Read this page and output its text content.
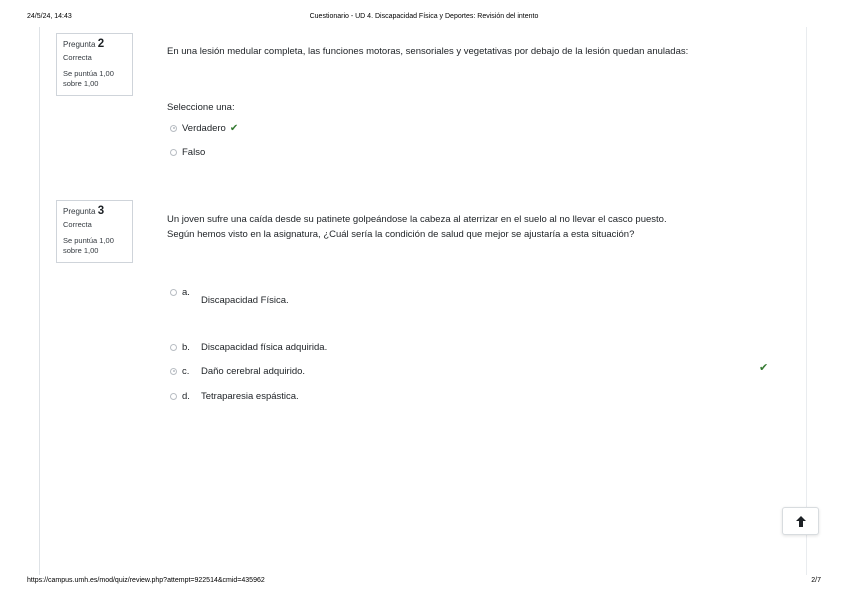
24/5/24, 14:43	Cuestionario - UD 4. Discapacidad Física y Deportes: Revisión del intento
Pregunta 2
Correcta
Se puntúa 1,00
sobre 1,00
En una lesión medular completa, las funciones motoras, sensoriales y vegetativas por debajo de la lesión quedan anuladas:
Seleccione una:
Verdadero ✔
Falso
Pregunta 3
Correcta
Se puntúa 1,00
sobre 1,00
Un joven sufre una caída desde su patinete golpeándose la cabeza al aterrizar en el suelo al no llevar el casco puesto.
Según hemos visto en la asignatura, ¿Cuál sería la condición de salud que mejor se ajustaría a esta situación?
a.
Discapacidad Física.
b.	Discapacidad física adquirida.
c.	Daño cerebral adquirido.	✔
d.	Tetraparesia espástica.
https://campus.umh.es/mod/quiz/review.php?attempt=922514&cmid=435962	2/7
